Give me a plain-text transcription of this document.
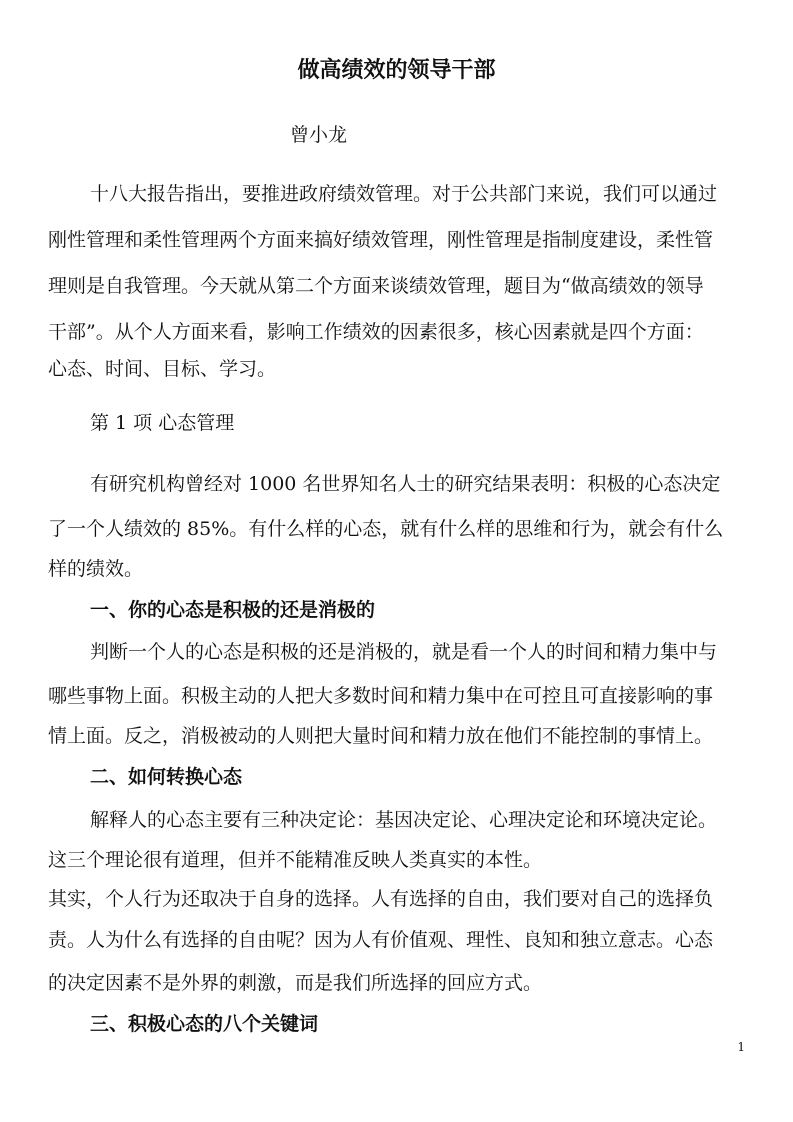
做高绩效的领导干部
曾小龙
十八大报告指出，要推进政府绩效管理。对于公共部门来说，我们可以通过
刚性管理和柔性管理两个方面来搞好绩效管理，刚性管理是指制度建设，柔性管
理则是自我管理。今天就从第二个方面来谈绩效管理，题目为“做高绩效的领导
干部”。从个人方面来看，影响工作绩效的因素很多，核心因素就是四个方面：
心态、时间、目标、学习。
第 1 项 心态管理
有研究机构曾经对 1000 名世界知名人士的研究结果表明：积极的心态决定
了一个人绩效的 85%。有什么样的心态，就有什么样的思维和行为，就会有什么
样的绩效。
一、你的心态是积极的还是消极的
判断一个人的心态是积极的还是消极的，就是看一个人的时间和精力集中与
哪些事物上面。积极主动的人把大多数时间和精力集中在可控且可直接影响的事
情上面。反之，消极被动的人则把大量时间和精力放在他们不能控制的事情上。
二、如何转换心态
解释人的心态主要有三种决定论：基因决定论、心理决定论和环境决定论。
这三个理论很有道理，但并不能精准反映人类真实的本性。
其实，个人行为还取决于自身的选择。人有选择的自由，我们要对自己的选择负
责。人为什么有选择的自由呢？因为人有价值观、理性、良知和独立意志。心态
的决定因素不是外界的刺激，而是我们所选择的回应方式。
三、积极心态的八个关键词
1
